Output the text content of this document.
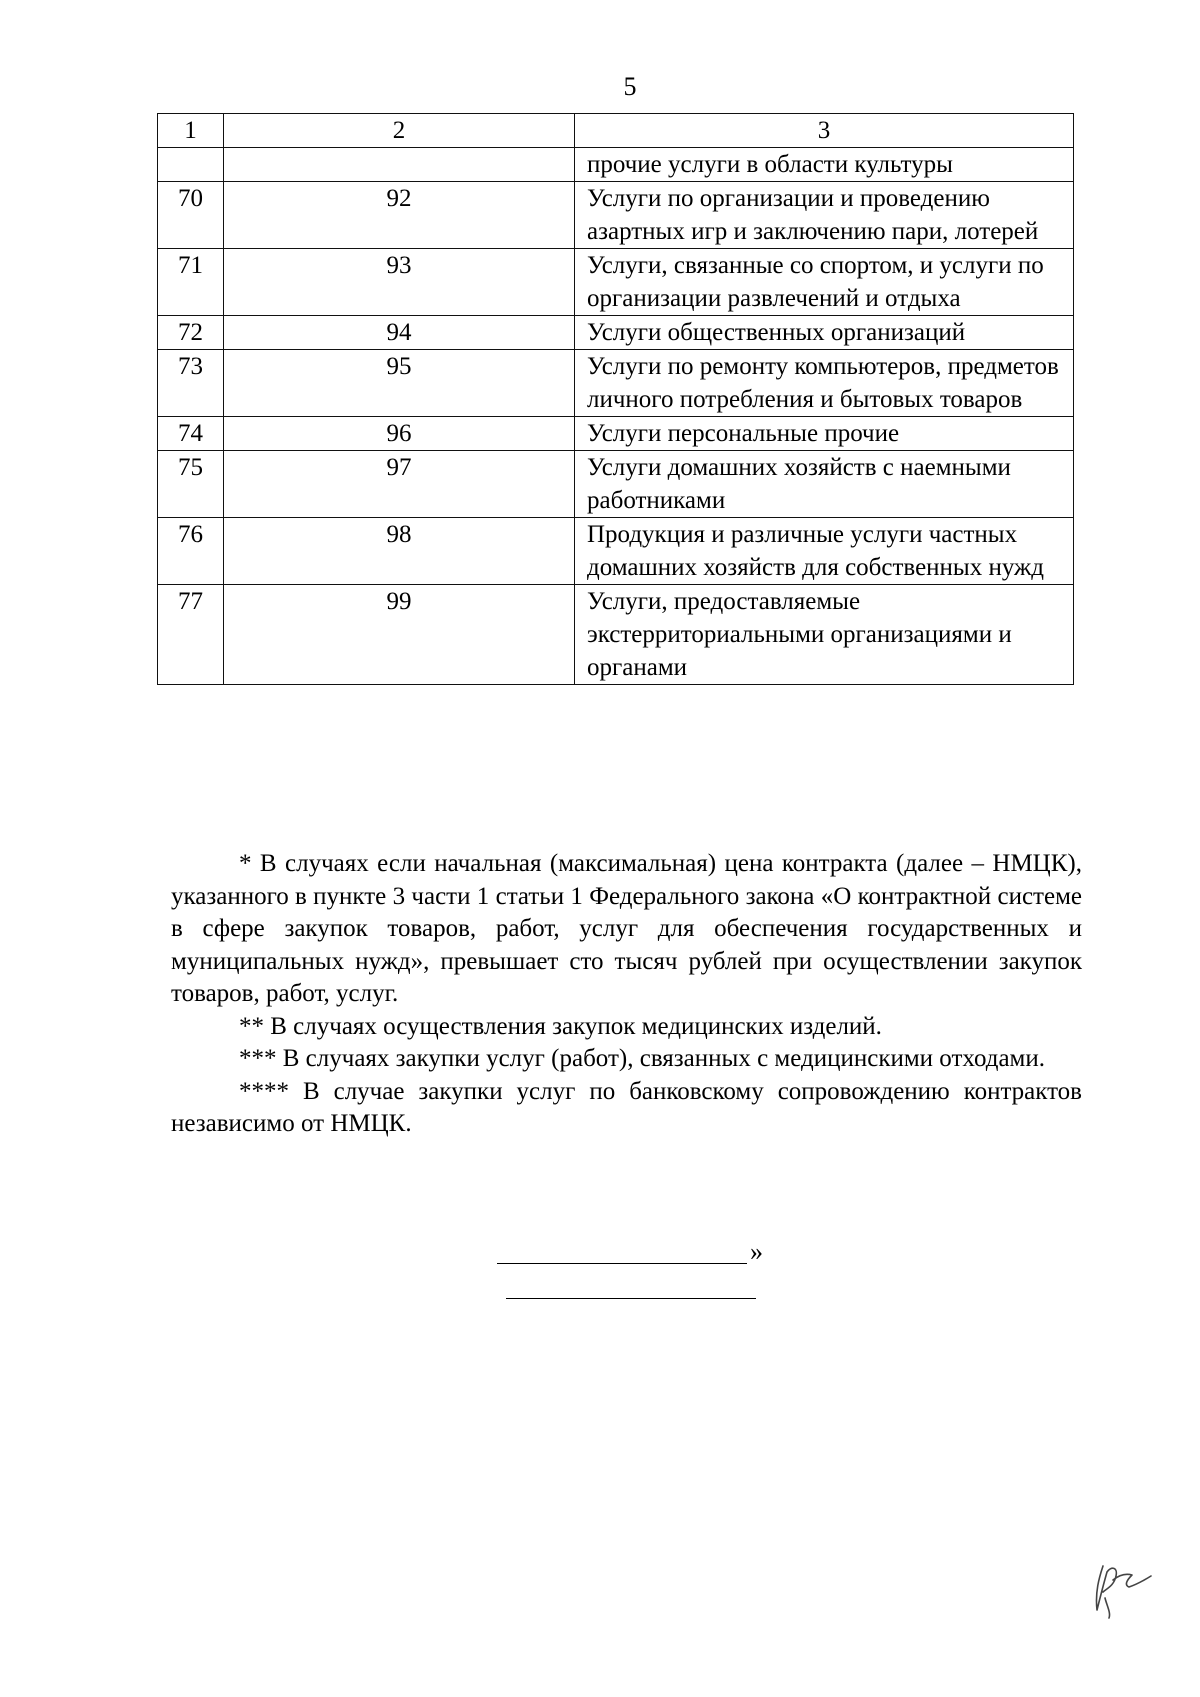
5
1	2	3
		прочие услуги в области культуры
70	92	Услуги по организации и проведению азартных игр и заключению пари, лотерей
71	93	Услуги, связанные со спортом, и услуги по организации развлечений и отдыха
72	94	Услуги общественных организаций
73	95	Услуги по ремонту компьютеров, предметов личного потребления и бытовых товаров
74	96	Услуги персональные прочие
75	97	Услуги домашних хозяйств с наемными работниками
76	98	Продукция и различные услуги частных домашних хозяйств для собственных нужд
77	99	Услуги, предоставляемые экстерриториальными организациями и органами

* В случаях если начальная (максимальная) цена контракта (далее – НМЦК), указанного в пункте 3 части 1 статьи 1 Федерального закона «О контрактной системе в сфере закупок товаров, работ, услуг для обеспечения государственных и муниципальных нужд», превышает сто тысяч рублей при осуществлении закупок товаров, работ, услуг.

** В случаях осуществления закупок медицинских изделий.

*** В случаях закупки услуг (работ), связанных с медицинскими отходами.

**** В случае закупки услуг по банковскому сопровождению контрактов независимо от НМЦК.

»
